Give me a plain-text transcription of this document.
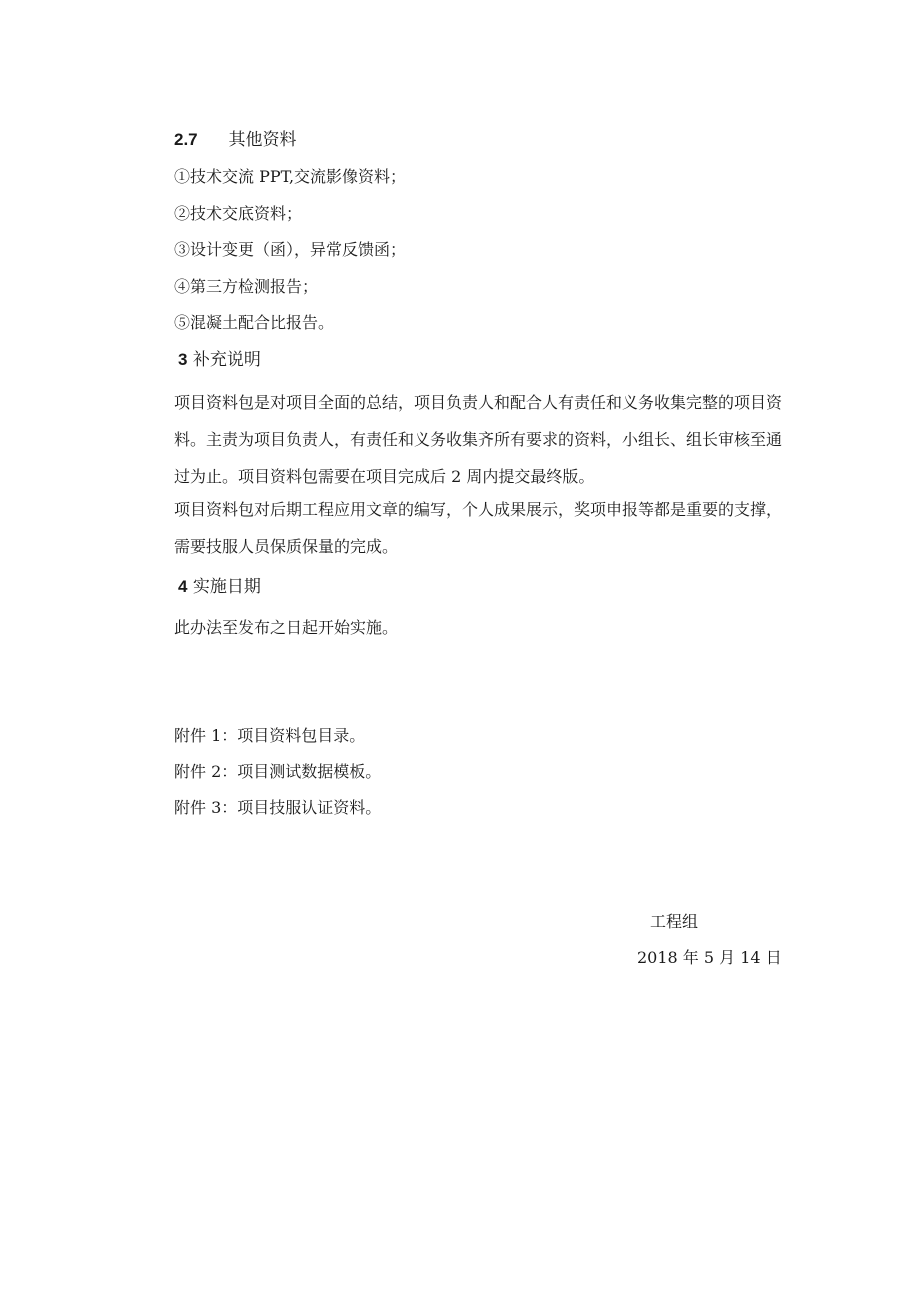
2.7 其他资料
①技术交流 PPT,交流影像资料；
②技术交底资料；
③设计变更（函），异常反馈函；
④第三方检测报告；
⑤混凝土配合比报告。
3 补充说明
项目资料包是对项目全面的总结，项目负责人和配合人有责任和义务收集完整的项目资料。主责为项目负责人，有责任和义务收集齐所有要求的资料，小组长、组长审核至通过为止。项目资料包需要在项目完成后 2 周内提交最终版。
项目资料包对后期工程应用文章的编写，个人成果展示，奖项申报等都是重要的支撑，需要技服人员保质保量的完成。
4 实施日期
此办法至发布之日起开始实施。
附件 1：项目资料包目录。
附件 2：项目测试数据模板。
附件 3：项目技服认证资料。
工程组
2018 年 5 月 14 日
